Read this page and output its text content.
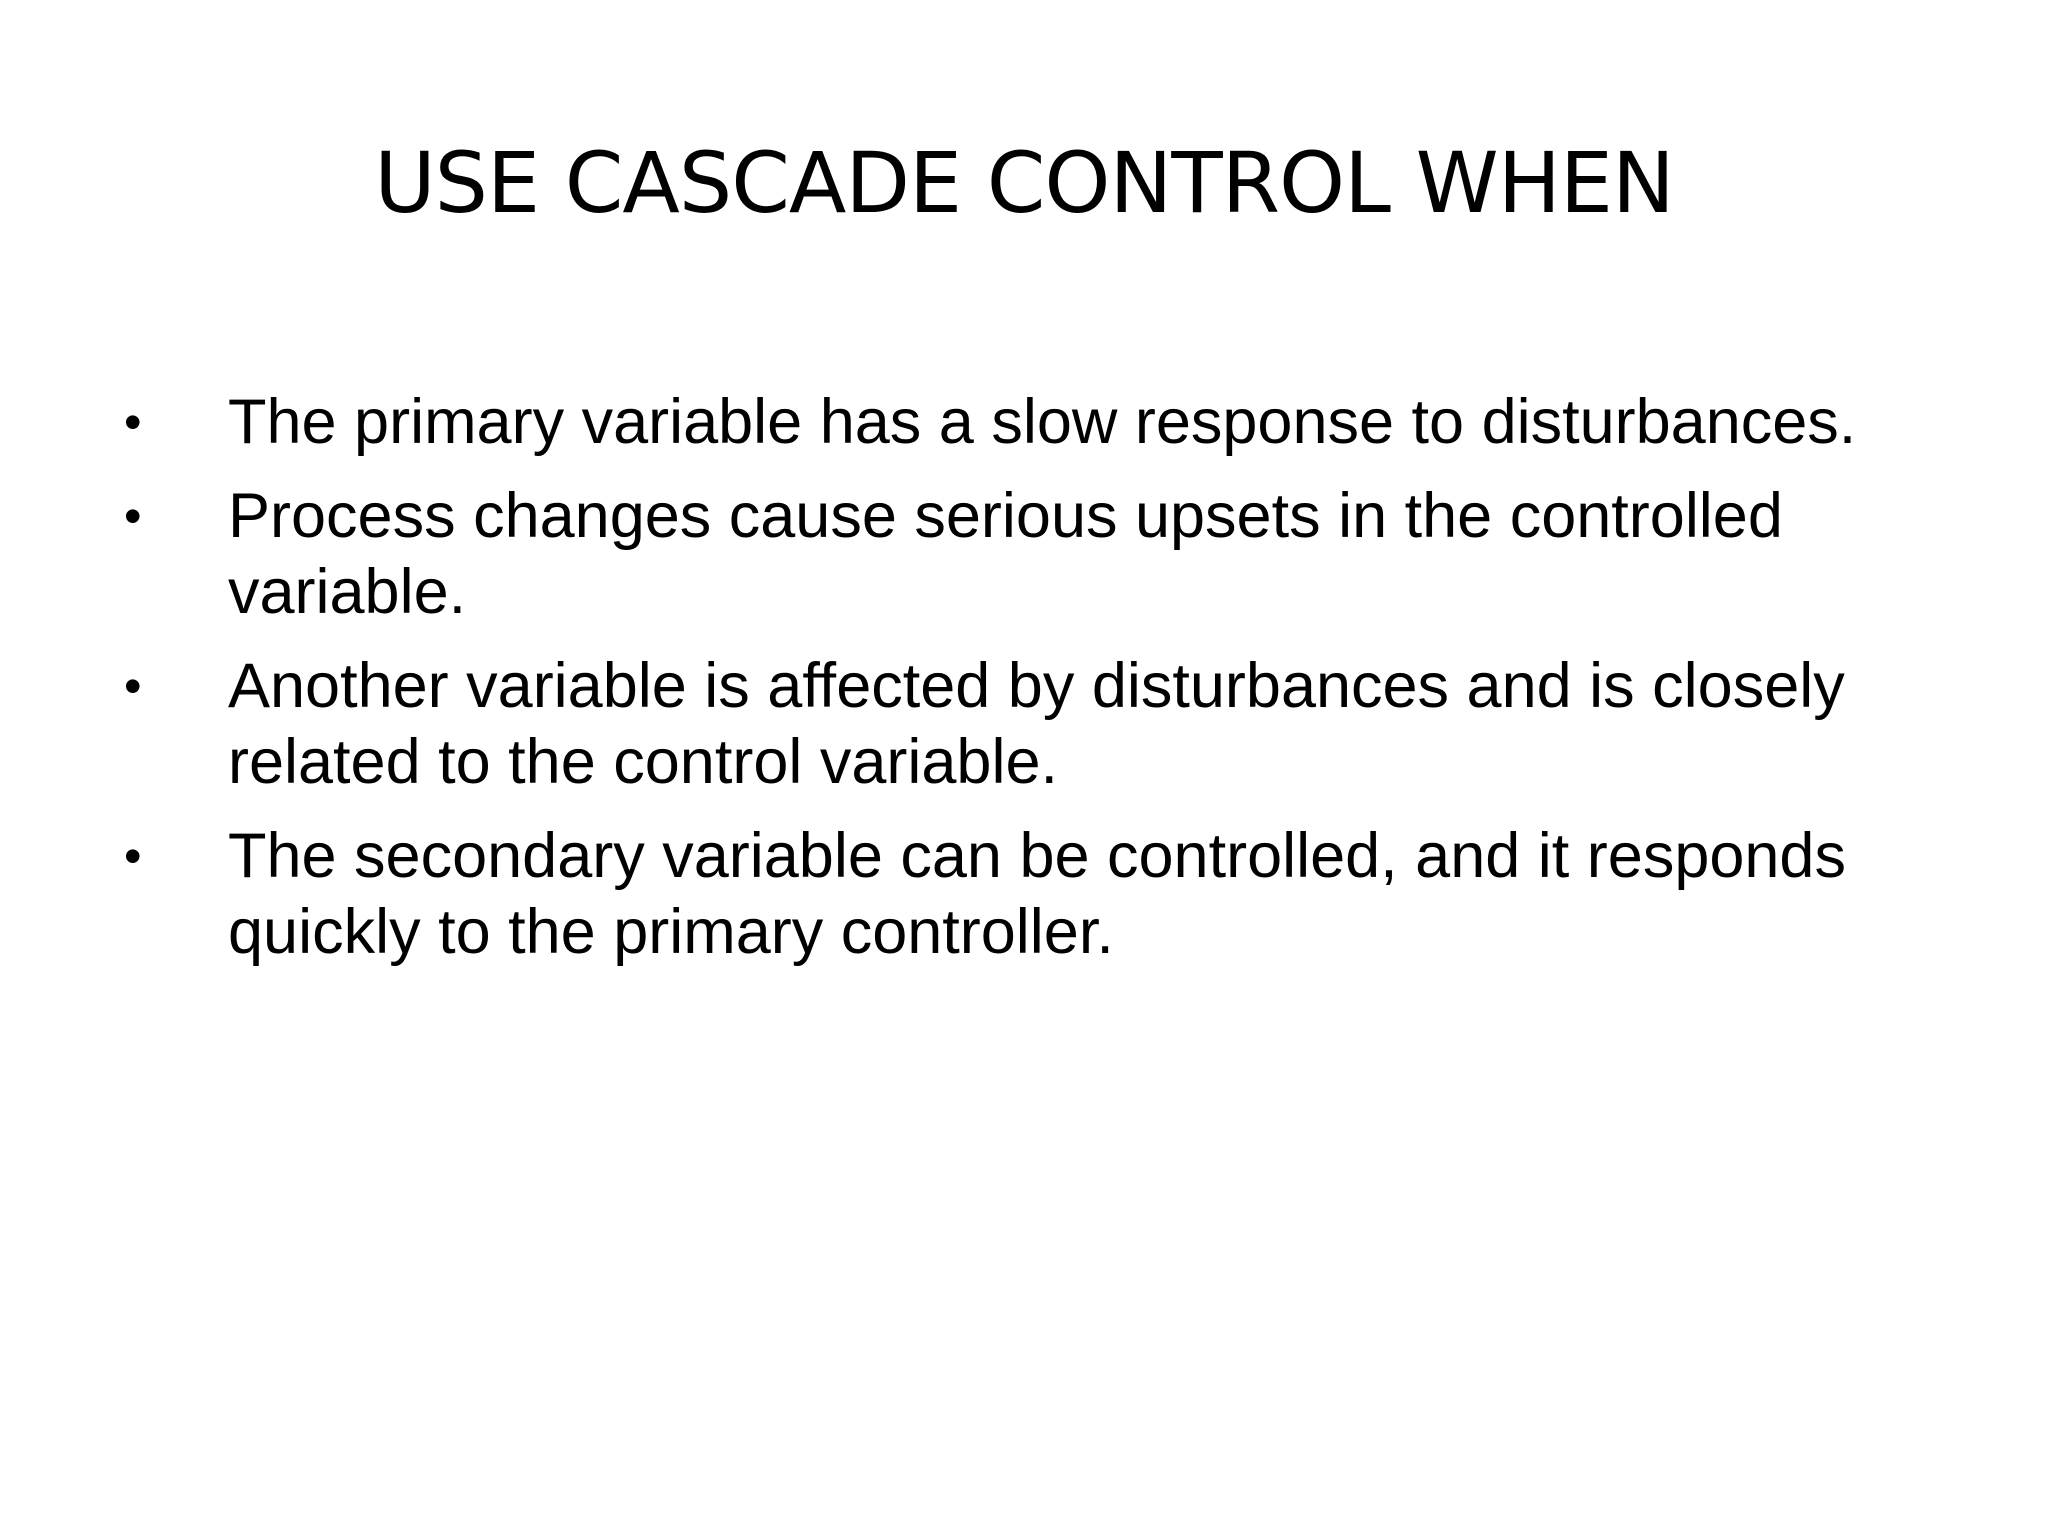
USE CASCADE CONTROL WHEN
• The primary variable has a slow response to disturbances.
• Process changes cause serious upsets in the controlled variable.
• Another variable is affected by disturbances and is closely related to the control variable.
• The secondary variable can be controlled, and it responds quickly to the primary controller.
